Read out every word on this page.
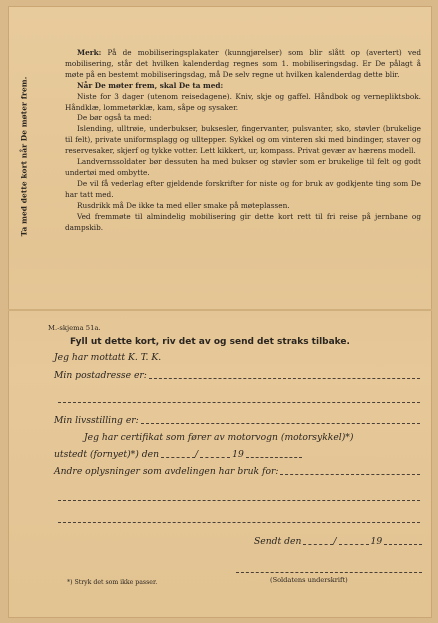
Ta med dette kort når De møter frem.

Merk: På de mobiliseringsplakater (kunngjørelser) som blir slått op (avertert) ved mobilisering, står det hvilken kalenderdag regnes som 1. mobiliseringsdag. Er De pålagt å møte på en bestemt mobiliseringsdag, må De selv regne ut hvilken kalenderdag dette blir.

Når De møter frem, skal De ta med:

Niste for 3 dager (utenom reisedagene). Kniv, skje og gaffel. Håndbok og vernepliktsbok. Håndklæ, lommetørklæ, kam, såpe og sysaker.

De bør også ta med:

Islending, ulltrøie, underbukser, buksesler, fingervanter, pulsvanter, sko, støvler (brukelige til felt), private uniformsplagg og ulltepper. Sykkel og om vinteren ski med bindinger, staver og reservesaker, skjerf og tykke votter. Lett kikkert, ur, kompass. Privat gevær av hærens modell.

Landvernssoldater bør dessuten ha med bukser og støvler som er brukelige til felt og godt undertøi med ombytte.

De vil få vederlag efter gjeldende forskrifter for niste og for bruk av godkjente ting som De har tatt med.

Rusdrikk må De ikke ta med eller smake på møteplassen.

Ved fremmøte til almindelig mobilisering gir dette kort rett til fri reise på jernbane og dampskib.

M.-skjema 51a.
Fyll ut dette kort, riv det av og send det straks tilbake.
Jeg har mottatt K. T. K.
Min postadresse er:
Min livsstilling er:
Jeg har certifikat som fører av motorvogn (motorsykkel)*)
utstedt (fornyet)*) den	/	19
Andre oplysninger som avdelingen har bruk for:
Sendt den	/	19
(Soldatens underskrift)
*) Stryk det som ikke passer.
